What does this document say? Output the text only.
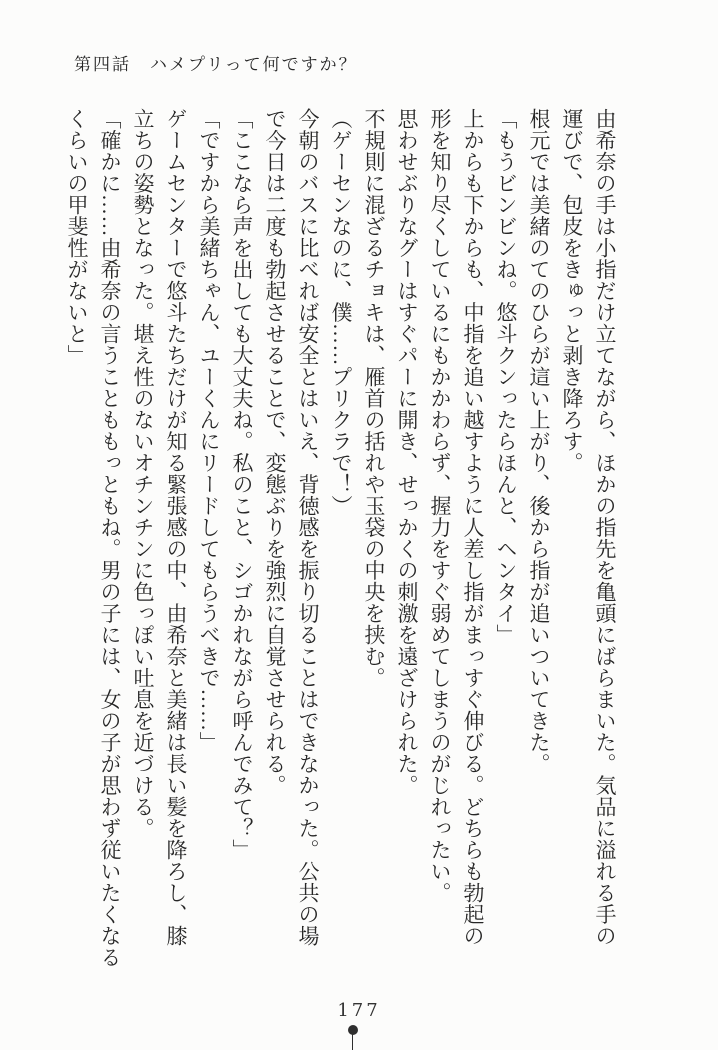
第四話　ハメプリって何ですか？
由希奈の手は小指だけ立てながら、ほかの指先を亀頭にばらまいた。気品に溢れる手の
運びで、包皮をきゅっと剥き降ろす。
根元では美緒のてのひらが這い上がり、後から指が追いついてきた。
「もうビンビンね。悠斗クンったらほんと、ヘンタイ」
上からも下からも、中指を追い越すように人差し指がまっすぐ伸びる。どちらも勃起の
形を知り尽くしているにもかかわらず、握力をすぐ弱めてしまうのがじれったい。
思わせぶりなグーはすぐパーに開き、せっかくの刺激を遠ざけられた。
不規則に混ざるチョキは、雁首の括れや玉袋の中央を挟む。
（ゲーセンなのに、僕……プリクラで！）
今朝のバスに比べれば安全とはいえ、背徳感を振り切ることはできなかった。公共の場
で今日は二度も勃起させることで、変態ぶりを強烈に自覚させられる。
「ここなら声を出しても大丈夫ね。私のこと、シゴかれながら呼んでみて？」
「ですから美緒ちゃん、ユーくんにリードしてもらうべきで……」
ゲームセンターで悠斗たちだけが知る緊張感の中、由希奈と美緒は長い髪を降ろし、膝
立ちの姿勢となった。堪え性のないオチンチンに色っぽい吐息を近づける。
「確かに……由希奈の言うことももっともね。男の子には、女の子が思わず従いたくなる
くらいの甲斐性がないと」
177
